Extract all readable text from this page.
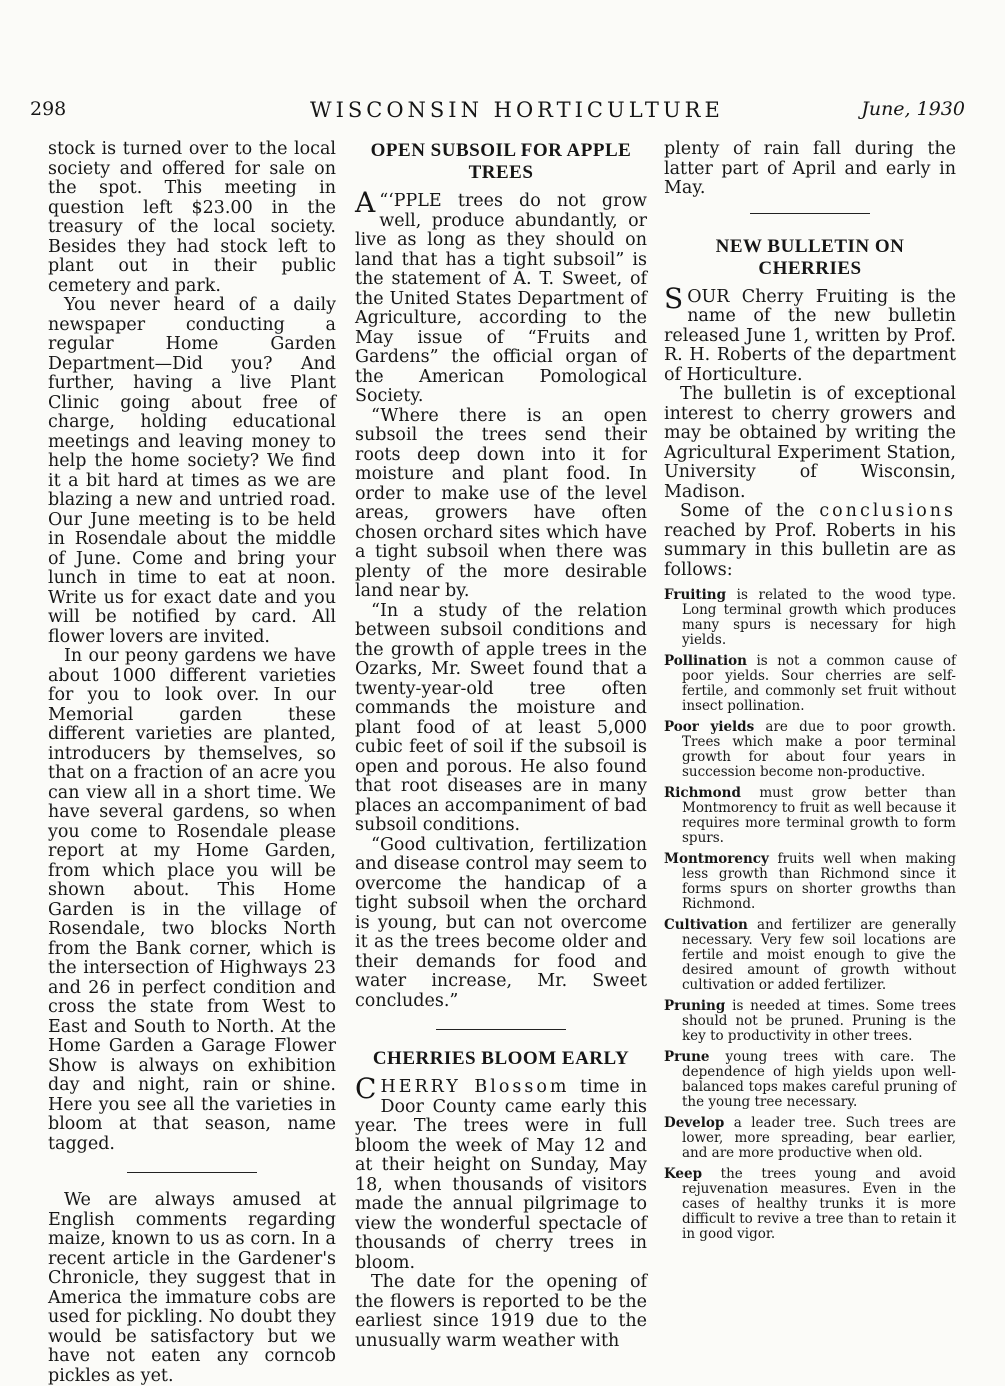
298	WISCONSIN HORTICULTURE	June, 1930

stock is turned over to the local society and offered for sale on the spot. This meeting in question left $23.00 in the treasury of the local society. Besides they had stock left to plant out in their public cemetery and park.

You never heard of a daily newspaper conducting a regular Home Garden Department—Did you? And further, having a live Plant Clinic going about free of charge, holding educational meetings and leaving money to help the home society? We find it a bit hard at times as we are blazing a new and untried road. Our June meeting is to be held in Rosendale about the middle of June. Come and bring your lunch in time to eat at noon. Write us for exact date and you will be notified by card. All flower lovers are invited.

In our peony gardens we have about 1000 different varieties for you to look over. In our Memorial garden these different varieties are planted, introducers by themselves, so that on a fraction of an acre you can view all in a short time. We have several gardens, so when you come to Rosendale please report at my Home Garden, from which place you will be shown about. This Home Garden is in the village of Rosendale, two blocks North from the Bank corner, which is the intersection of Highways 23 and 26 in perfect condition and cross the state from West to East and South to North. At the Home Garden a Garage Flower Show is always on exhibition day and night, rain or shine. Here you see all the varieties in bloom at that season, name tagged.

We are always amused at English comments regarding maize, known to us as corn. In a recent article in the Gardener's Chronicle, they suggest that in America the immature cobs are used for pickling. No doubt they would be satisfactory but we have not eaten any corncob pickles as yet.

OPEN SUBSOIL FOR APPLE TREES

“‘
A PPLE trees do not grow well, produce abundantly, or live as long as they should on land that has a tight subsoil” is the statement of A. T. Sweet, of the United States Department of Agriculture, according to the May issue of “Fruits and Gardens” the official organ of the American Pomological Society.

“Where there is an open subsoil the trees send their roots deep down into it for moisture and plant food. In order to make use of the level areas, growers have often chosen orchard sites which have a tight subsoil when there was plenty of the more desirable land near by.

“In a study of the relation between subsoil conditions and the growth of apple trees in the Ozarks, Mr. Sweet found that a twenty-year-old tree often commands the moisture and plant food of at least 5,000 cubic feet of soil if the subsoil is open and porous. He also found that root diseases are in many places an accompaniment of bad subsoil conditions.

“Good cultivation, fertilization and disease control may seem to overcome the handicap of a tight subsoil when the orchard is young, but can not overcome it as the trees become older and their demands for food and water increase, Mr. Sweet concludes.”

CHERRIES BLOOM EARLY

CHERRY Blossom time in Door County came early this year. The trees were in full bloom the week of May 12 and at their height on Sunday, May 18, when thousands of visitors made the annual pilgrimage to view the wonderful spectacle of thousands of cherry trees in bloom.

The date for the opening of the flowers is reported to be the earliest since 1919 due to the unusually warm weather with

plenty of rain fall during the latter part of April and early in May.

NEW BULLETIN ON CHERRIES

SOUR Cherry Fruiting is the name of the new bulletin released June 1, written by Prof. R. H. Roberts of the department of Horticulture.

The bulletin is of exceptional interest to cherry growers and may be obtained by writing the Agricultural Experiment Station, University of Wisconsin, Madison.

Some of the conclusions reached by Prof. Roberts in his summary in this bulletin are as follows:

Fruiting is related to the wood type. Long terminal growth which produces many spurs is necessary for high yields.
Pollination is not a common cause of poor yields. Sour cherries are self-fertile, and commonly set fruit without insect pollination.
Poor yields are due to poor growth. Trees which make a poor terminal growth for about four years in succession become non-productive.
Richmond must grow better than Montmorency to fruit as well because it requires more terminal growth to form spurs.
Montmorency fruits well when making less growth than Richmond since it forms spurs on shorter growths than Richmond.
Cultivation and fertilizer are generally necessary. Very few soil locations are fertile and moist enough to give the desired amount of growth without cultivation or added fertilizer.
Pruning is needed at times. Some trees should not be pruned. Pruning is the key to productivity in other trees.
Prune young trees with care. The dependence of high yields upon well-balanced tops makes careful pruning of the young tree necessary.
Develop a leader tree. Such trees are lower, more spreading, bear earlier, and are more productive when old.
Keep the trees young and avoid rejuvenation measures. Even in the cases of healthy trunks it is more difficult to revive a tree than to retain it in good vigor.
